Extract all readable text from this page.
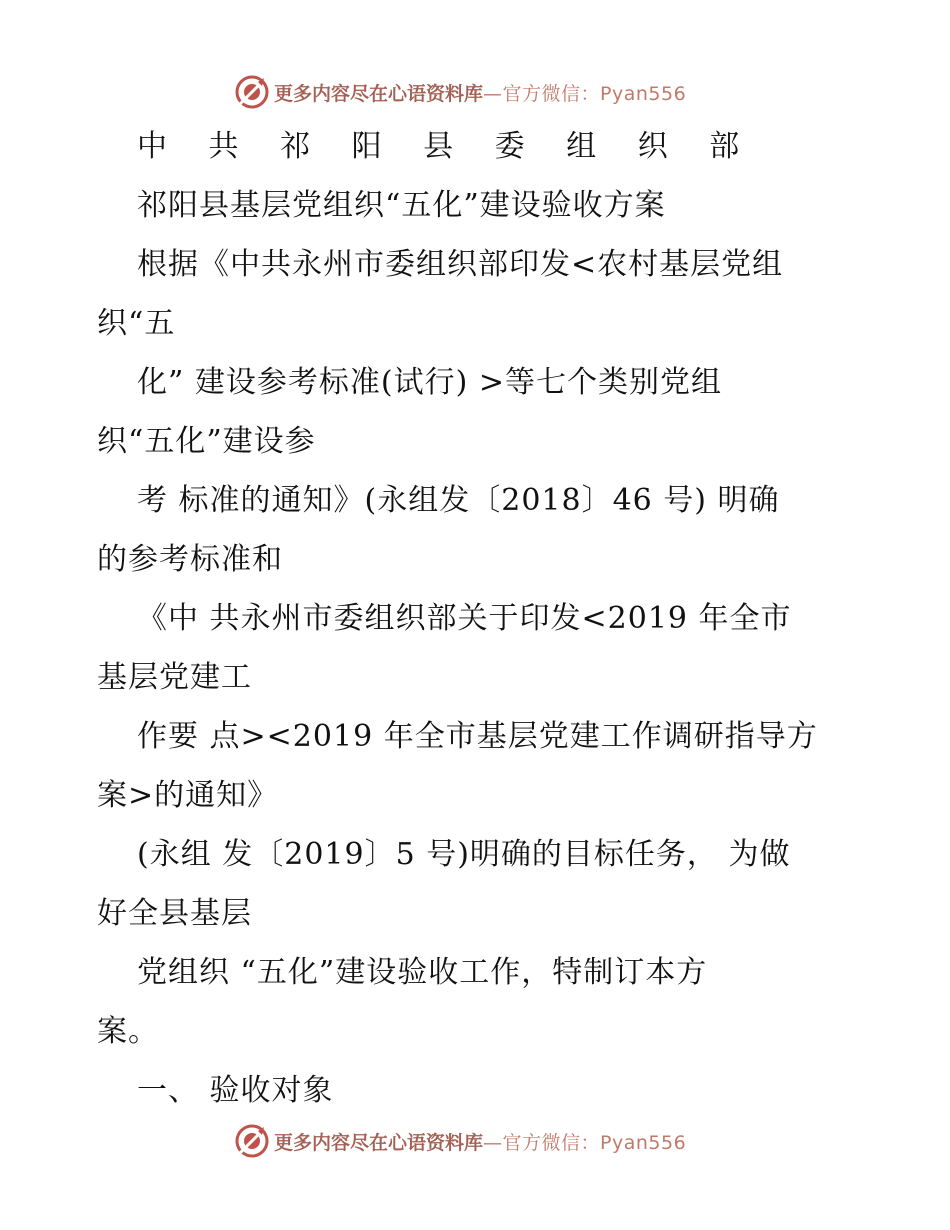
更多内容尽在心语资料库 —官方微信：Pyan556
中 共 祁 阳 县 委 组 织 部
祁阳县基层党组织“五化”建设验收方案
根据《中共永州市委组织部印发<农村基层党组
织“五
化” 建设参考标准(试行) >等七个类别党组
织“五化”建设参
考 标准的通知》(永组发〔2018〕46 号) 明确
的参考标准和
《中 共永州市委组织部关于印发<2019 年全市
基层党建工
作要 点><2019 年全市基层党建工作调研指导方
案>的通知》
(永组 发〔2019〕5 号)明确的目标任务， 为做
好全县基层
党组织 “五化”建设验收工作，特制订本方
案。
一、 验收对象
更多内容尽在心语资料库 —官方微信：Pyan556
